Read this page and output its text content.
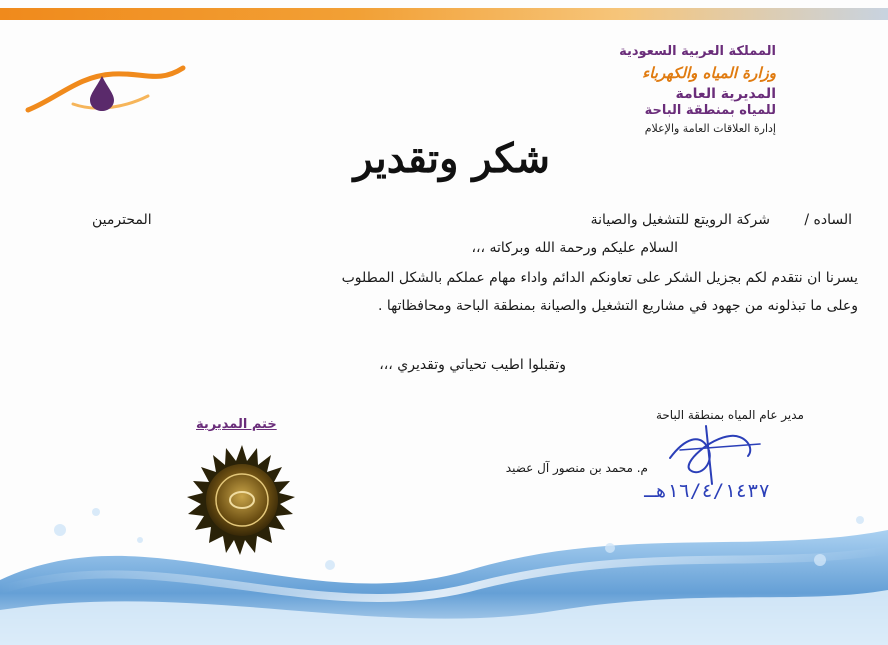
المملكة العربية السعودية
وزارة المياه والكهرباء
المديرية العامة
للمياه بمنطقة الباحة
إدارة العلاقات العامة والإعلام
شكر وتقدير
الساده /
شركة الرويتع للتشغيل والصيانة
المحترمين
السلام عليكم ورحمة الله وبركاته ،،،
يسرنا ان نتقدم لكم بجزيل الشكر على تعاونكم الدائم واداء مهام عملكم بالشكل المطلوب
وعلى ما تبذلونه من جهود في مشاريع التشغيل والصيانة بمنطقة الباحة ومحافظاتها .
وتقبلوا اطيب تحياتي وتقديري ،،،
مدير عام المياه بمنطقة الباحة
م. محمد بن منصور آل عضيد
١٦/٤/١٤٣٧هـ
ختم المديرية
